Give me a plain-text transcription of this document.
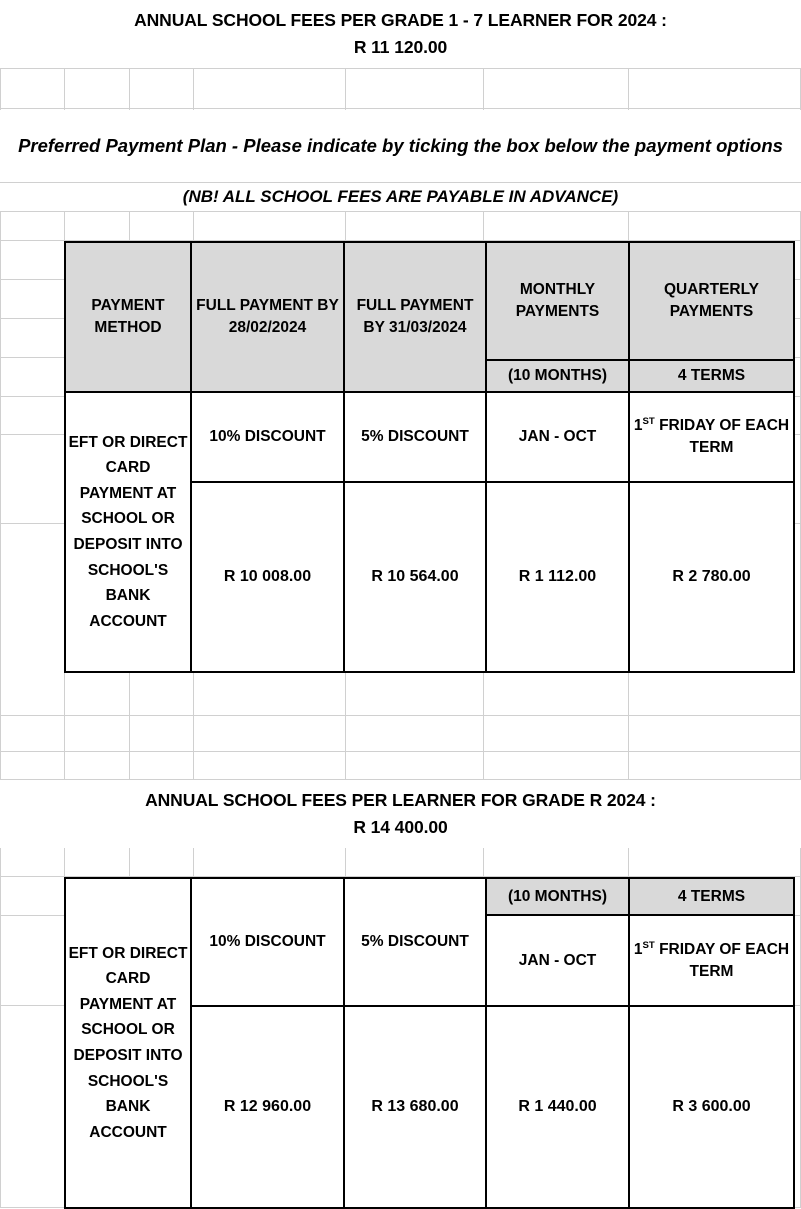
ANNUAL SCHOOL FEES PER GRADE 1 - 7 LEARNER FOR 2024 :
R 11 120.00
Preferred Payment Plan - Please indicate by ticking the box below the payment options
(NB! ALL SCHOOL FEES ARE PAYABLE IN ADVANCE)
PAYMENT METHOD	FULL PAYMENT BY 28/02/2024	FULL PAYMENT BY 31/03/2024	MONTHLY PAYMENTS	QUARTERLY PAYMENTS
			(10 MONTHS)	4 TERMS
EFT OR DIRECT CARD PAYMENT AT SCHOOL OR DEPOSIT INTO SCHOOL'S BANK ACCOUNT	10% DISCOUNT	5% DISCOUNT	JAN - OCT	1ST FRIDAY OF EACH TERM
	R 10 008.00	R 10 564.00	R 1 112.00	R 2 780.00
ANNUAL SCHOOL FEES PER LEARNER FOR GRADE R 2024 :
R 14 400.00
EFT OR DIRECT CARD PAYMENT AT SCHOOL OR DEPOSIT INTO SCHOOL'S BANK ACCOUNT	10% DISCOUNT	5% DISCOUNT	(10 MONTHS)	4 TERMS
			JAN - OCT	1ST FRIDAY OF EACH TERM
	R 12 960.00	R 13 680.00	R 1 440.00	R 3 600.00
